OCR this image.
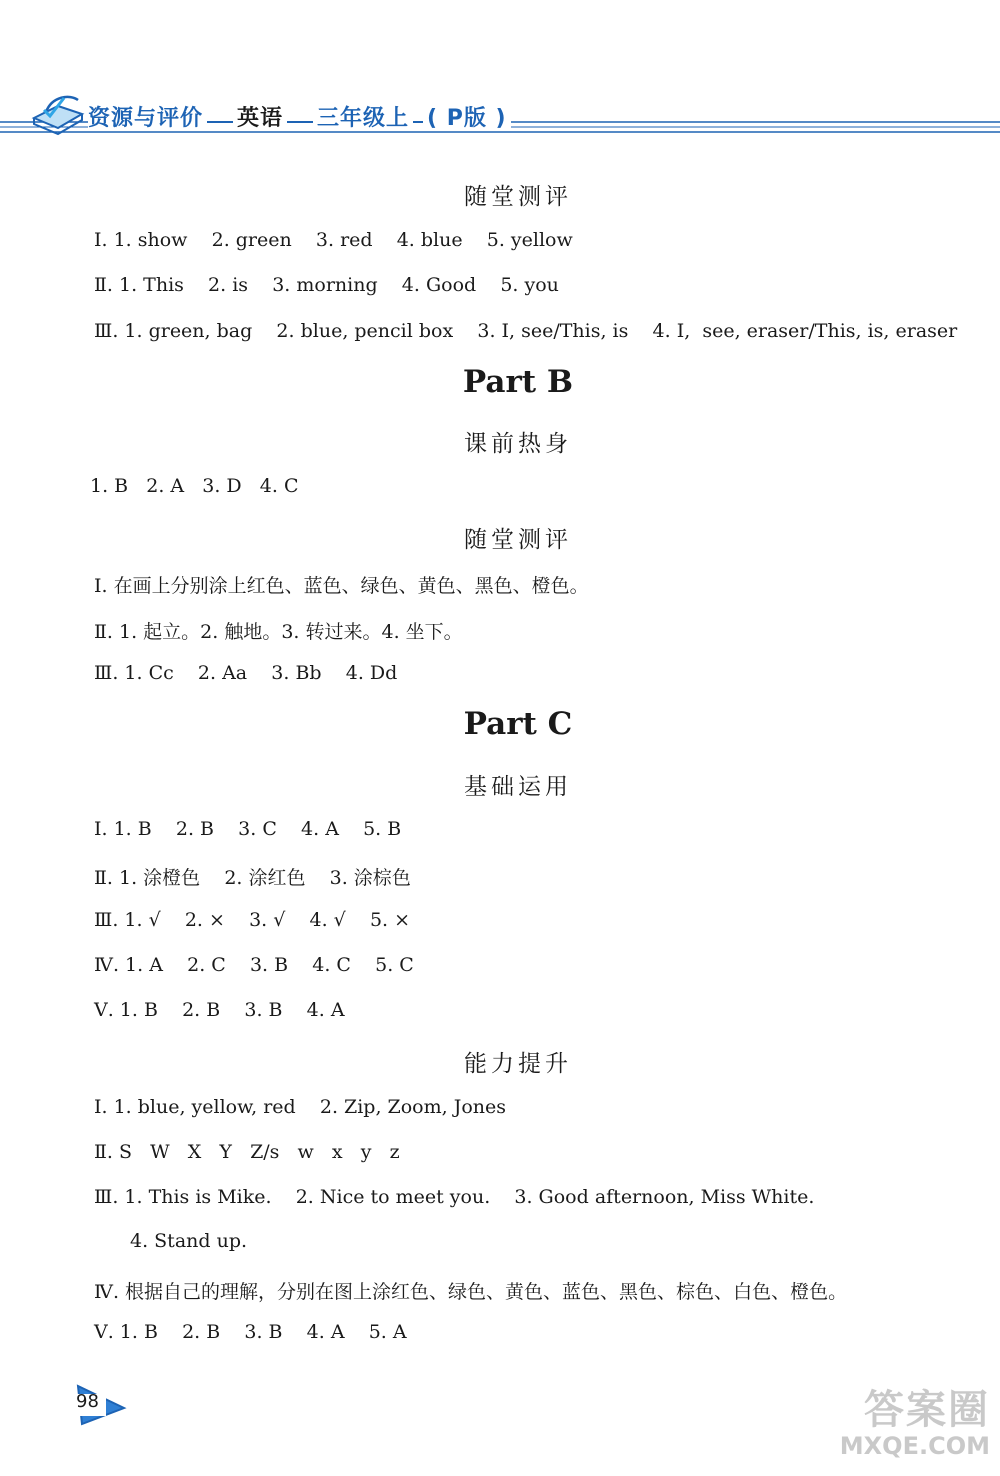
资源与评价 英语 三年级上 ( P版 )
随堂测评
Ⅰ. 1. show    2. green    3. red    4. blue    5. yellow
Ⅱ. 1. This    2. is    3. morning    4. Good    5. you
Ⅲ. 1. green, bag    2. blue, pencil box    3. I, see/This, is    4. I,  see, eraser/This, is, eraser
Part B
课前热身
1. B   2. A   3. D   4. C
随堂测评
Ⅰ. 在画上分别涂上红色、蓝色、绿色、黄色、黑色、橙色。
Ⅱ. 1. 起立。2. 触地。3. 转过来。4. 坐下。
Ⅲ. 1. Cc    2. Aa    3. Bb    4. Dd
Part C
基础运用
Ⅰ. 1. B    2. B    3. C    4. A    5. B
Ⅱ. 1. 涂橙色    2. 涂红色    3. 涂棕色
Ⅲ. 1. √    2. ×    3. √    4. √    5. ×
Ⅳ. 1. A    2. C    3. B    4. C    5. C
Ⅴ. 1. B    2. B    3. B    4. A
能力提升
Ⅰ. 1. blue, yellow, red    2. Zip, Zoom, Jones
Ⅱ. S   W   X   Y   Z/s   w   x   y   z
Ⅲ. 1. This is Mike.    2. Nice to meet you.    3. Good afternoon, Miss White.
4. Stand up.
Ⅳ. 根据自己的理解，分别在图上涂红色、绿色、黄色、蓝色、黑色、棕色、白色、橙色。
Ⅴ. 1. B    2. B    3. B    4. A    5. A
98	答案圈
MXQE.COM
